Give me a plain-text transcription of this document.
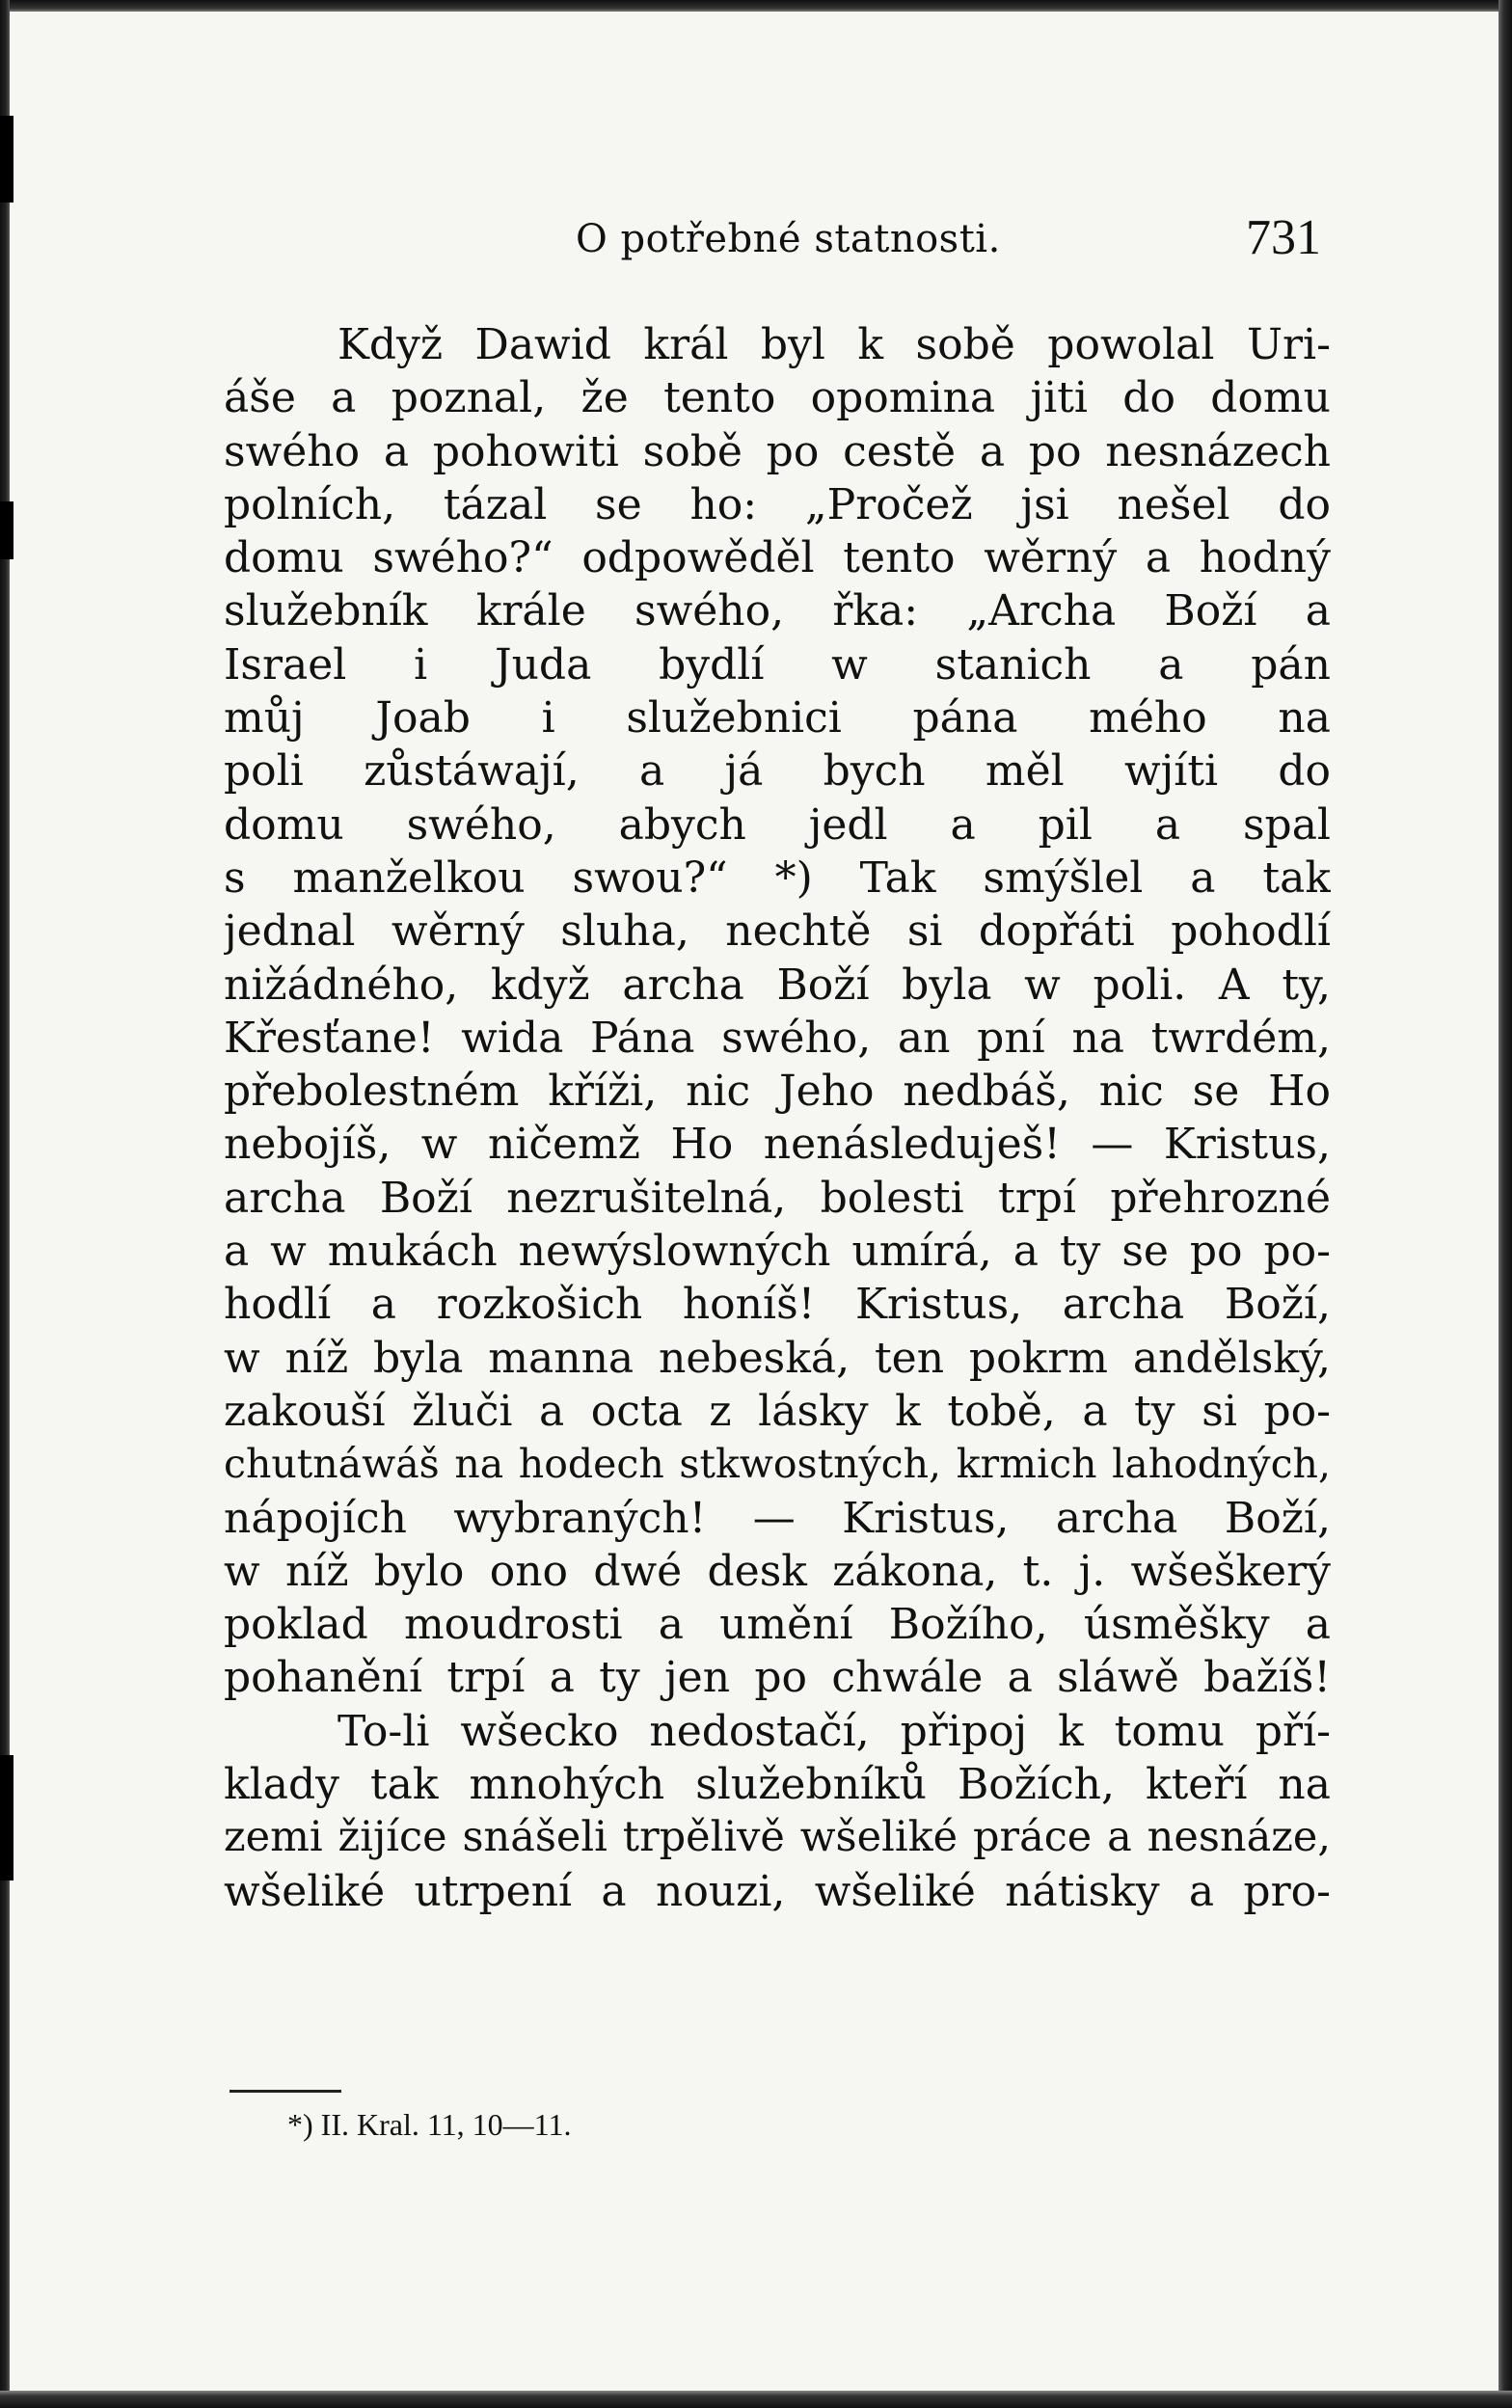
O potřebné statnosti.	731
Když Dawid král byl k sobě powolal Uri-
áše a poznal, že tento opomina jiti do domu
swého a pohowiti sobě po cestě a po nesnázech
polních, tázal se ho: „Pročež jsi nešel do
domu swého?“ odpowěděl tento wěrný a hodný
služebník krále swého, řka: „Archa Boží a
Israel i Juda bydlí w stanich a pán
můj Joab i služebnici pána mého na
poli zůstáwají, a já bych měl wjíti do
domu swého, abych jedl a pil a spal
s manželkou swou?“ *) Tak smýšlel a tak
jednal wěrný sluha, nechtě si dopřáti pohodlí
nižádného, když archa Boží byla w poli. A ty,
Křesťane! wida Pána swého, an pní na twrdém,
přebolestném kříži, nic Jeho nedbáš, nic se Ho
nebojíš, w ničemž Ho nenásleduješ! — Kristus,
archa Boží nezrušitelná, bolesti trpí přehrozné
a w mukách newýslowných umírá, a ty se po po-
hodlí a rozkošich honíš! Kristus, archa Boží,
w níž byla manna nebeská, ten pokrm andělský,
zakouší žluči a octa z lásky k tobě, a ty si po-
chutnáwáš na hodech stkwostných, krmich lahodných,
nápojích wybraných! — Kristus, archa Boží,
w níž bylo ono dwé desk zákona, t. j. wšeškerý
poklad moudrosti a umění Božího, úsměšky a
pohanění trpí a ty jen po chwále a sláwě bažíš!
To-li wšecko nedostačí, připoj k tomu pří-
klady tak mnohých služebníků Božích, kteří na
zemi žijíce snášeli trpělivě wšeliké práce a nesnáze,
wšeliké utrpení a nouzi, wšeliké nátisky a pro-
*) II. Kral. 11, 10—11.
